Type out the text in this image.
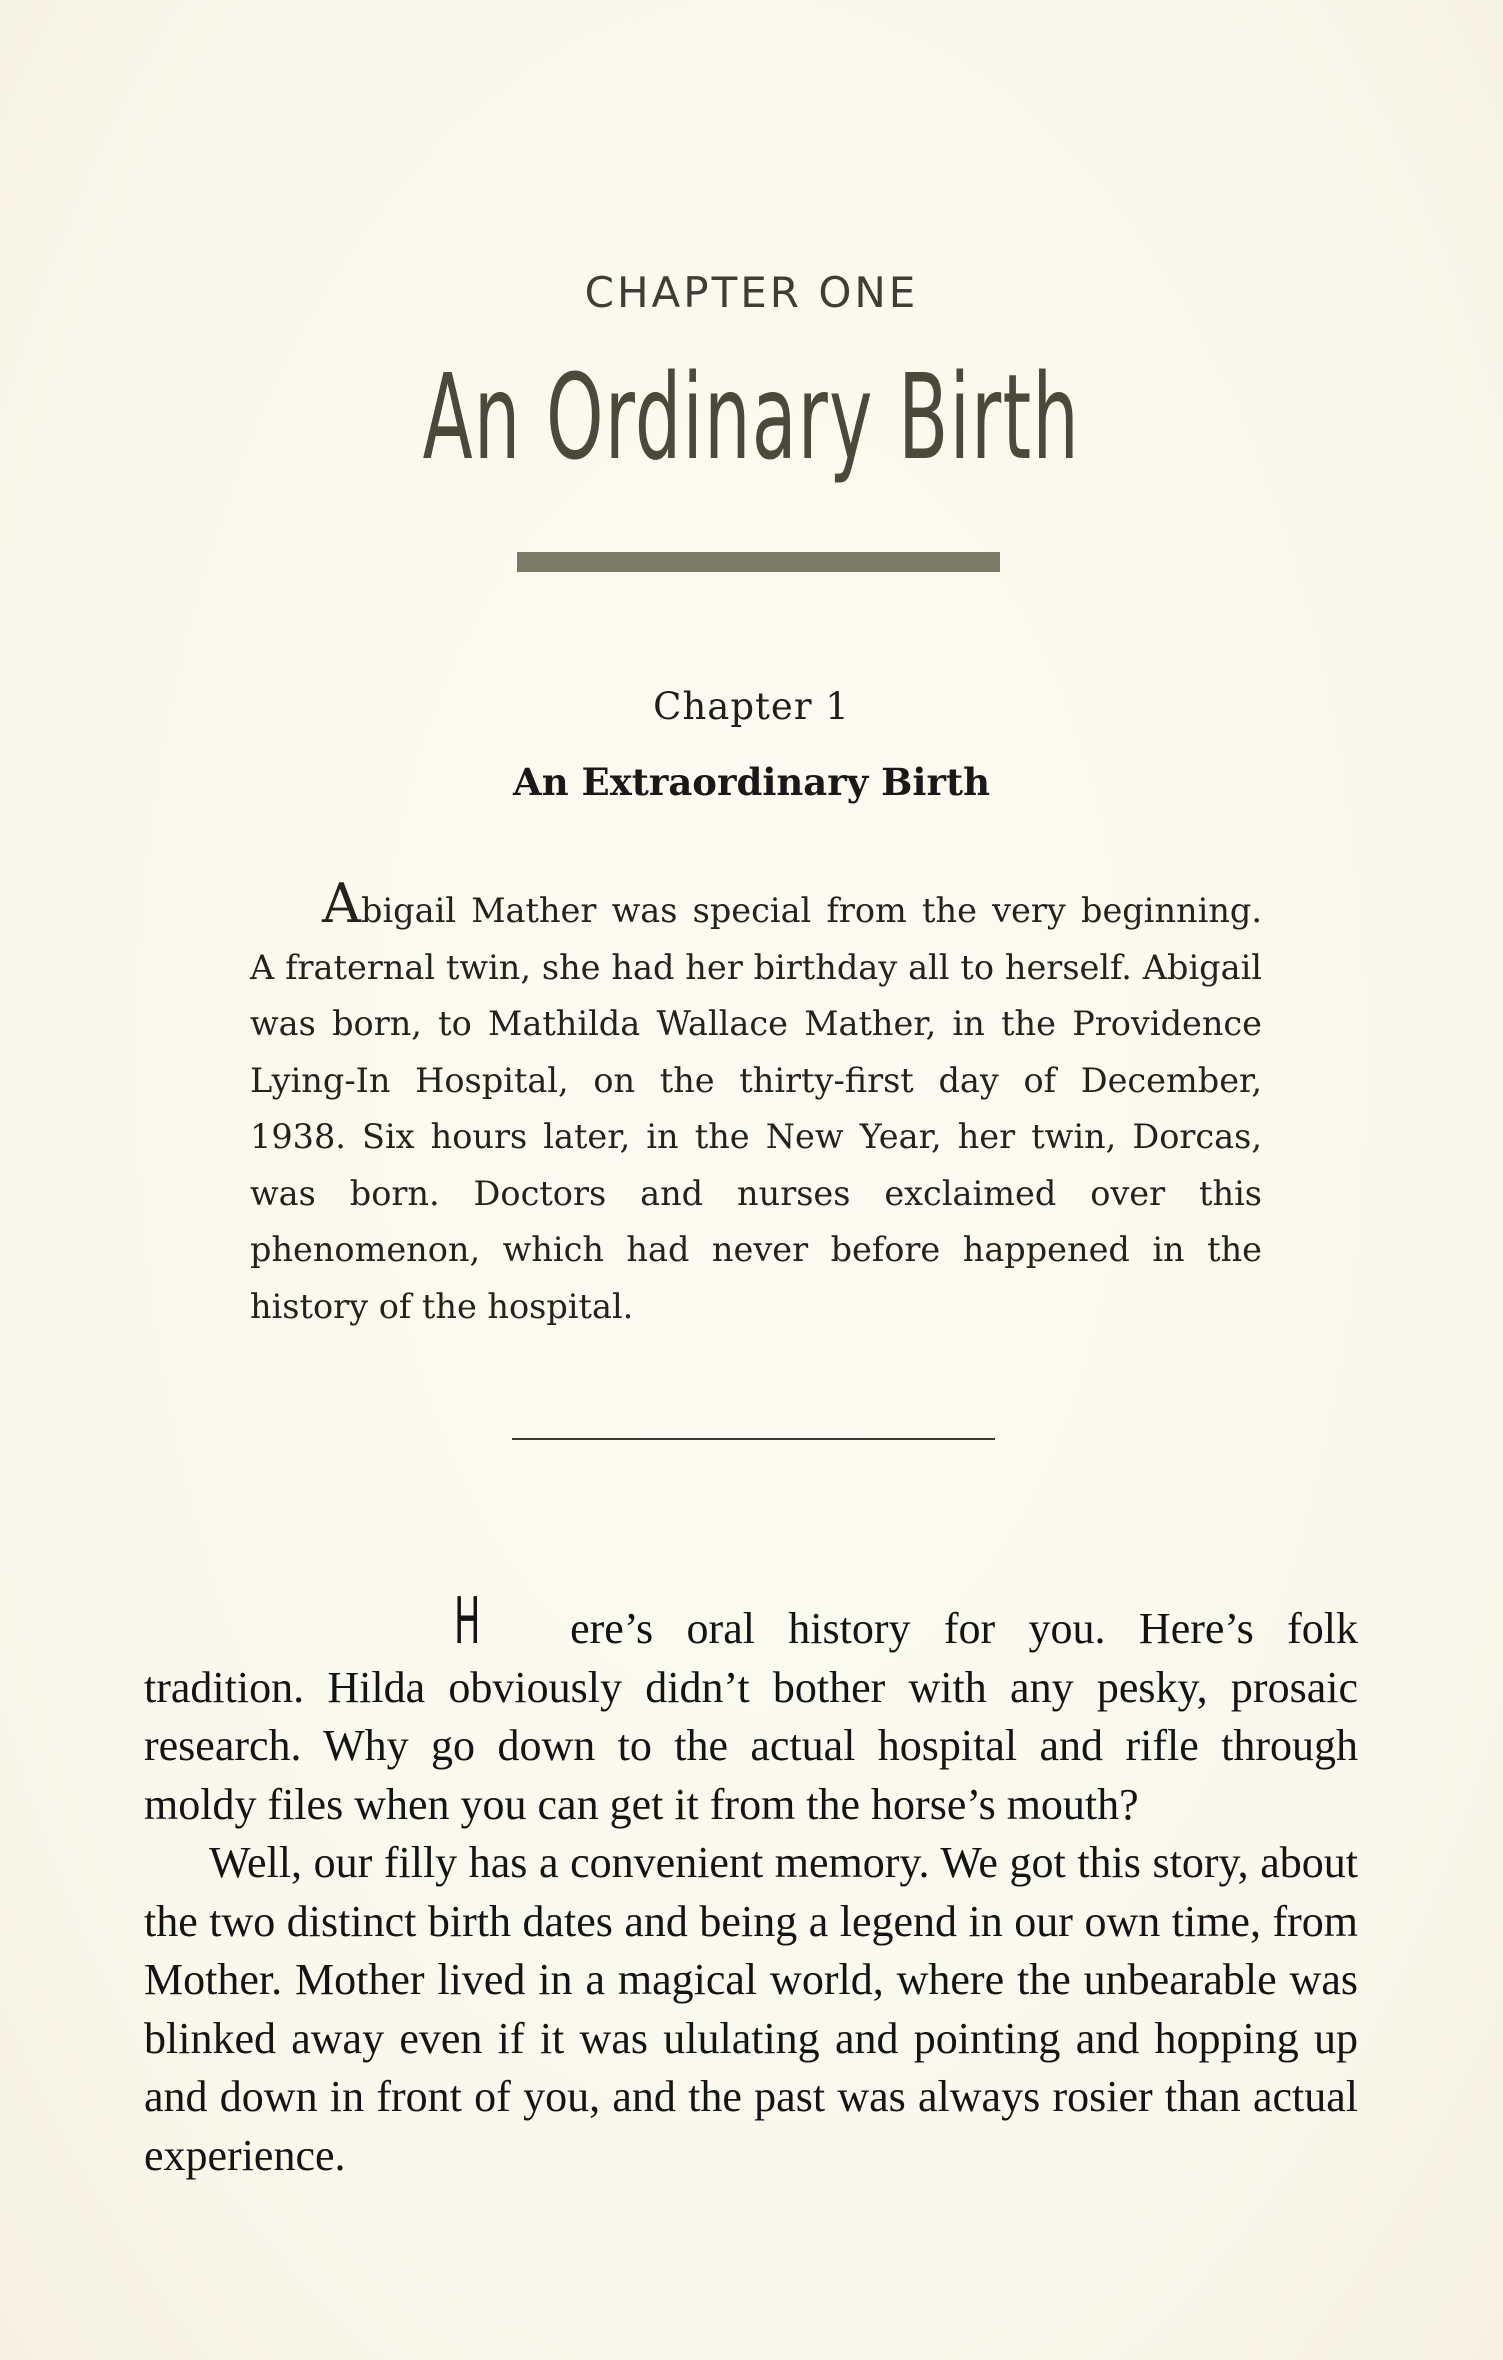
CHAPTER ONE
An Ordinary Birth
Chapter 1
An Extraordinary Birth

Abigail Mather was special from the very beginning. A fraternal twin, she had her birthday all to herself. Abigail was born, to Mathilda Wallace Mather, in the Providence Lying-In Hospital, on the thirty-first day of December, 1938. Six hours later, in the New Year, her twin, Dorcas, was born. Doctors and nurses exclaimed over this phenomenon, which had never before happened in the history of the hospital.

H ere’s oral history for you. Here’s folk tradition. Hilda obviously didn’t bother with any pesky, prosaic research. Why go down to the actual hospital and rifle through moldy files when you can get it from the horse’s mouth?

Well, our filly has a convenient memory. We got this story, about the two distinct birth dates and being a legend in our own time, from Mother. Mother lived in a magical world, where the unbearable was blinked away even if it was ululating and pointing and hopping up and down in front of you, and the past was always rosier than actual experience.
